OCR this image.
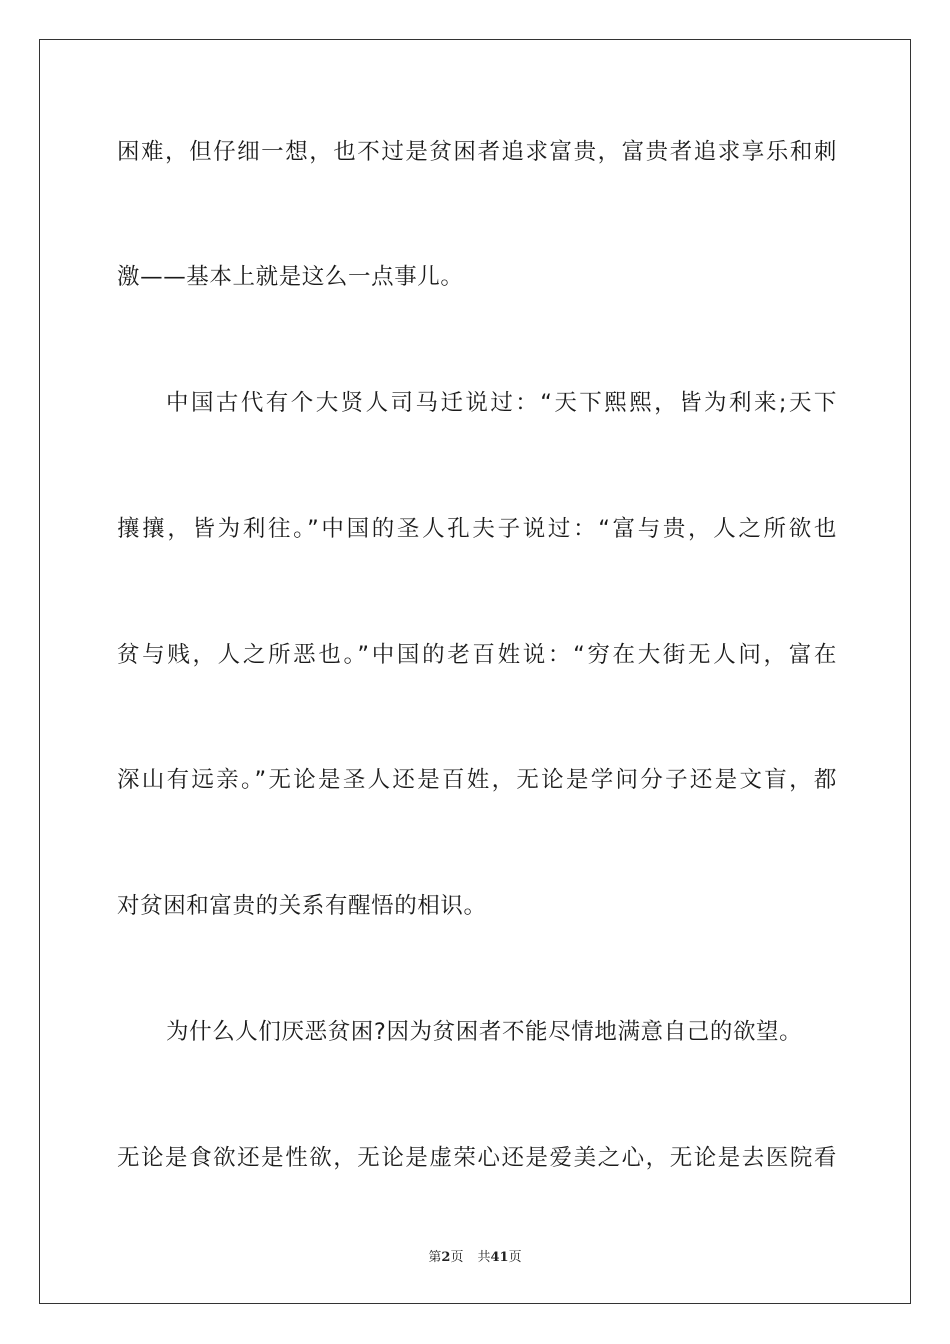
困难，但仔细一想，也不过是贫困者追求富贵，富贵者追求享乐和刺

激——基本上就是这么一点事儿。

中国古代有个大贤人司马迁说过：“天下熙熙，皆为利来;天下

攘攘，皆为利往。”中国的圣人孔夫子说过：“富与贵，人之所欲也

贫与贱，人之所恶也。”中国的老百姓说：“穷在大街无人问，富在

深山有远亲。”无论是圣人还是百姓，无论是学问分子还是文盲，都

对贫困和富贵的关系有醒悟的相识。

为什么人们厌恶贫困?因为贫困者不能尽情地满意自己的欲望。

无论是食欲还是性欲，无论是虚荣心还是爱美之心，无论是去医院看

第2页 共41页
